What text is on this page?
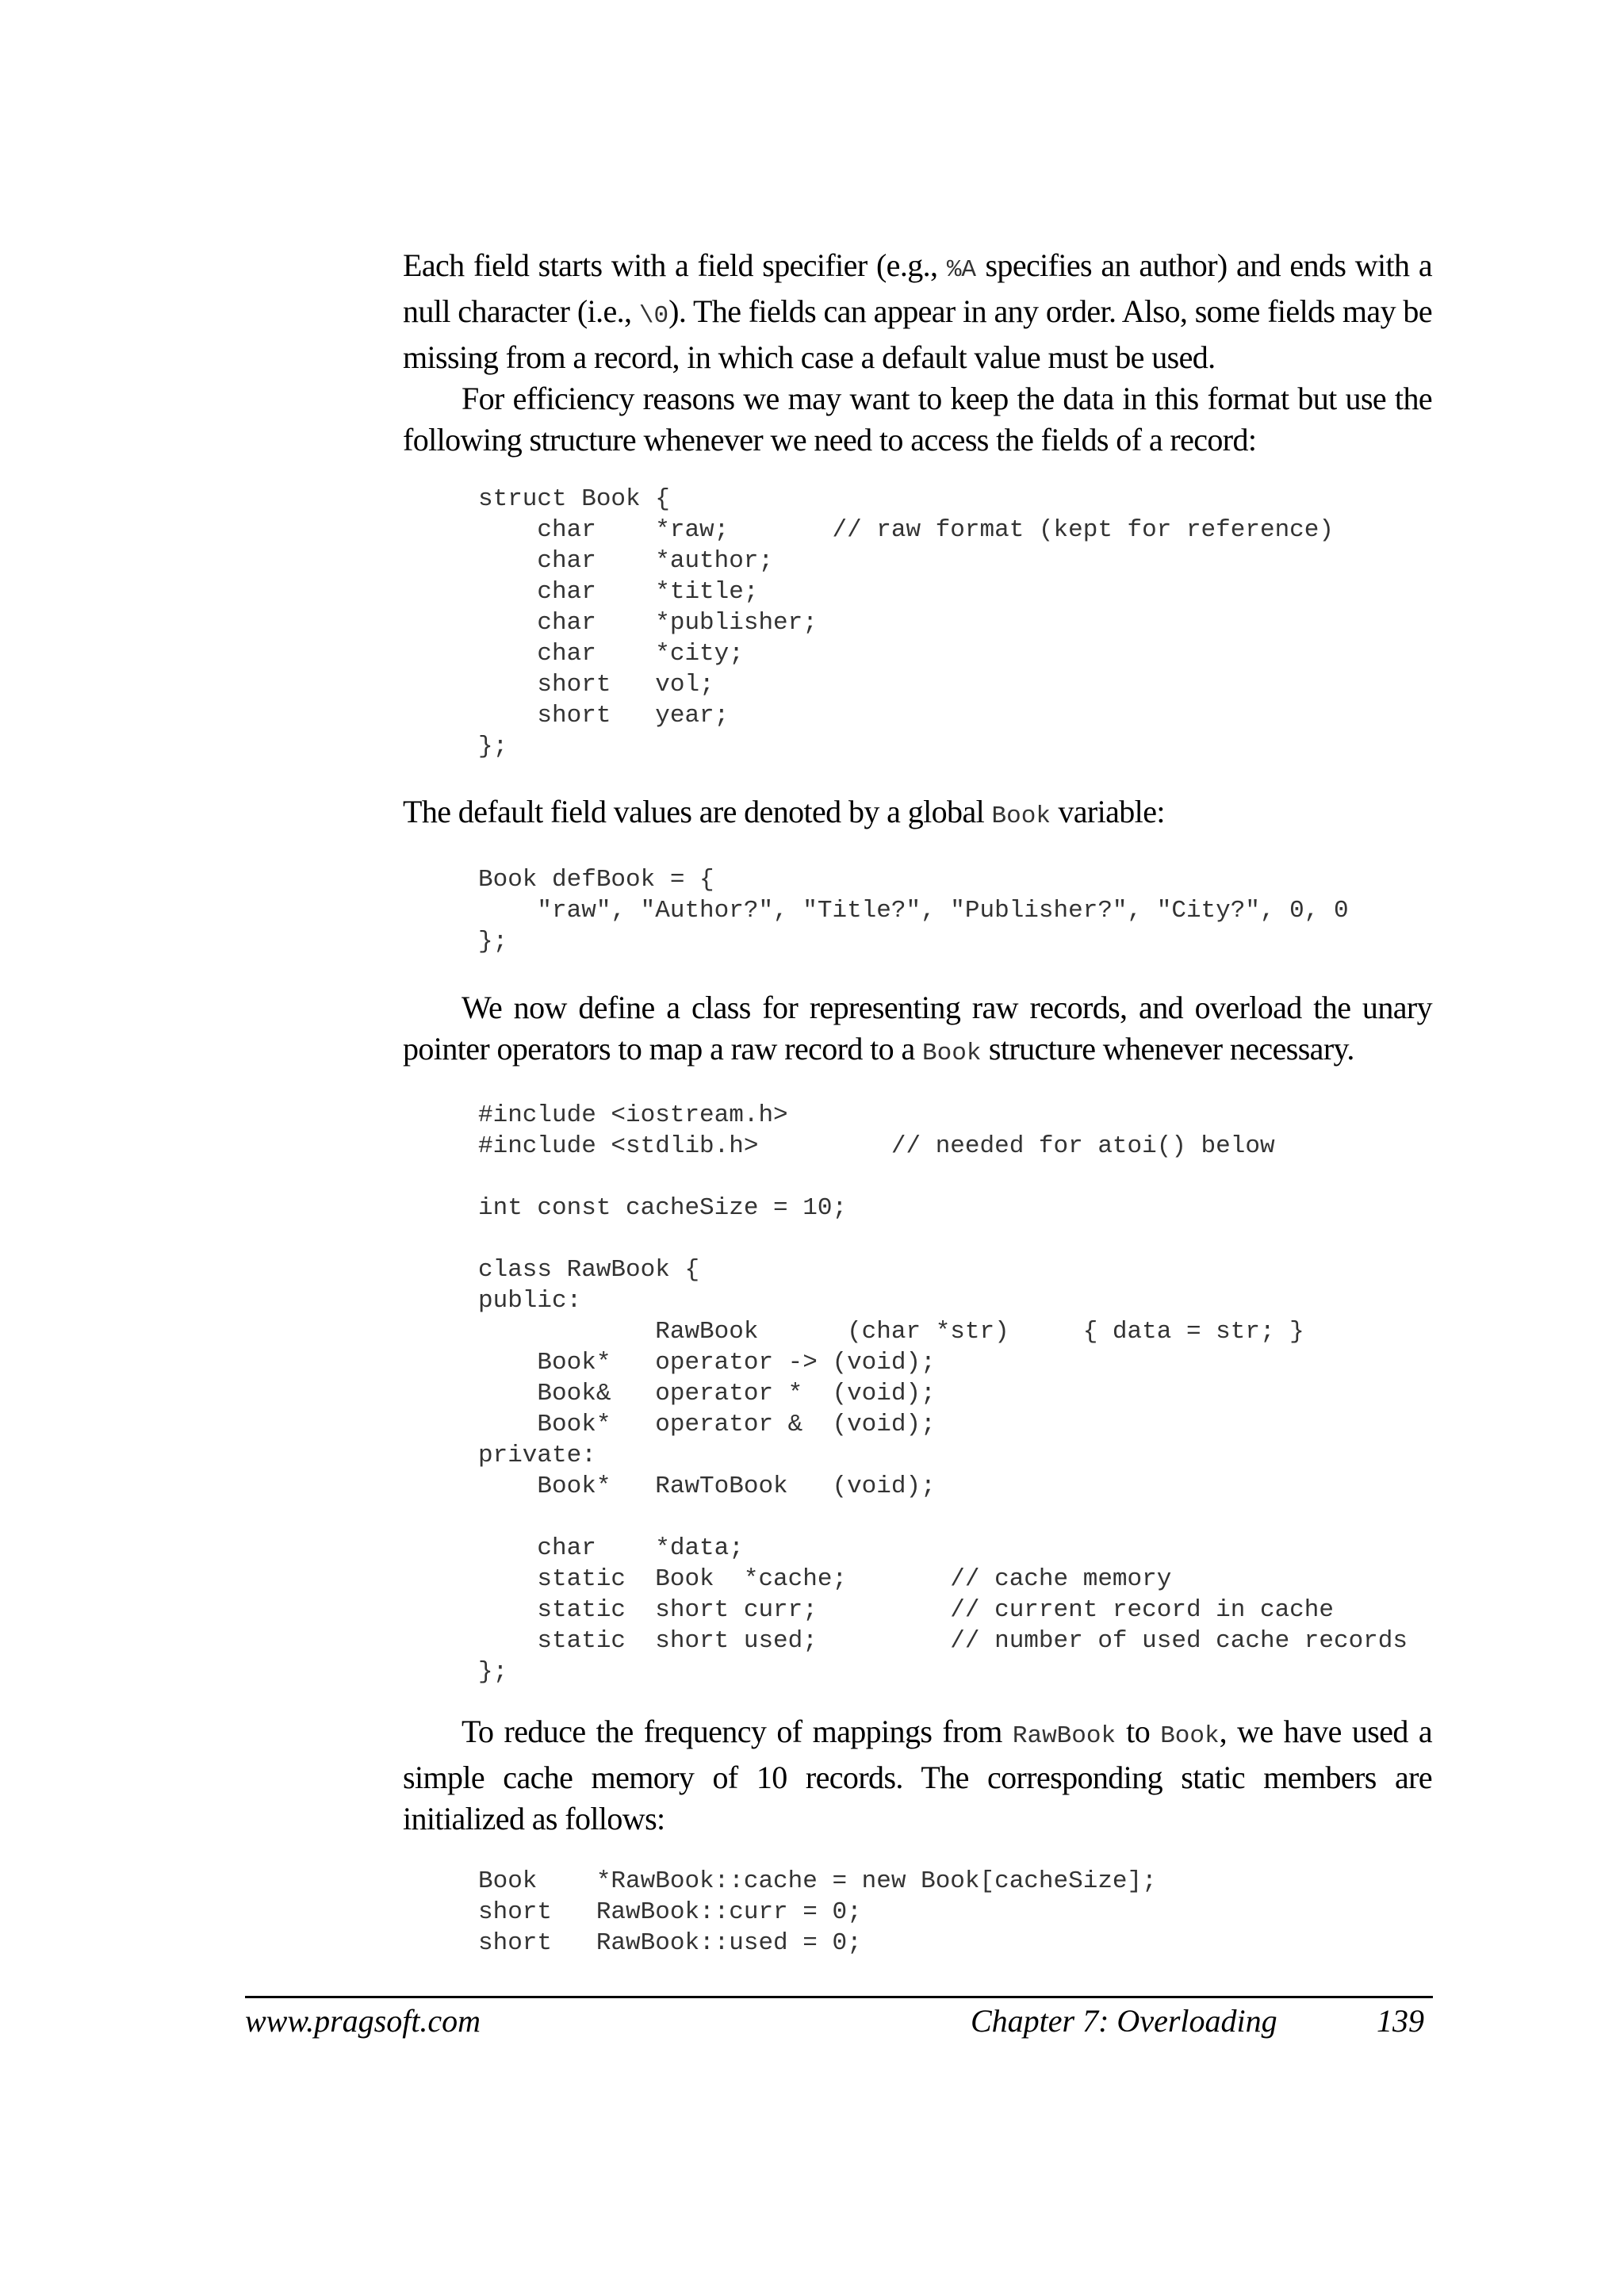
Each field starts with a field specifier (e.g., %A specifies an author) and ends with a null character (i.e., \0). The fields can appear in any order. Also, some fields may be missing from a record, in which case a default value must be used.

For efficiency reasons we may want to keep the data in this format but use the following structure whenever we need to access the fields of a record:

struct Book {
char    *raw;       // raw format (kept for reference)
char    *author;
char    *title;
char    *publisher;
char    *city;
short   vol;
short   year;
};

The default field values are denoted by a global Book variable:

Book defBook = {
"raw", "Author?", "Title?", "Publisher?", "City?", 0, 0
};

We now define a class for representing raw records, and overload the unary pointer operators to map a raw record to a Book structure whenever necessary.

#include <iostream.h>
#include <stdlib.h>         // needed for atoi() below

int const cacheSize = 10;

class RawBook {
public:
RawBook      (char *str)     { data = str; }
Book*   operator -> (void);
Book&   operator *  (void);
Book*   operator &  (void);
private:
Book*   RawToBook   (void);

char    *data;
static  Book  *cache;       // cache memory
static  short curr;         // current record in cache
static  short used;         // number of used cache records
};

To reduce the frequency of mappings from RawBook to Book, we have used a simple cache memory of 10 records. The corresponding static members are initialized as follows:

Book    *RawBook::cache = new Book[cacheSize];
short   RawBook::curr = 0;
short   RawBook::used = 0;
www.pragsoft.com	Chapter 7: Overloading	139
